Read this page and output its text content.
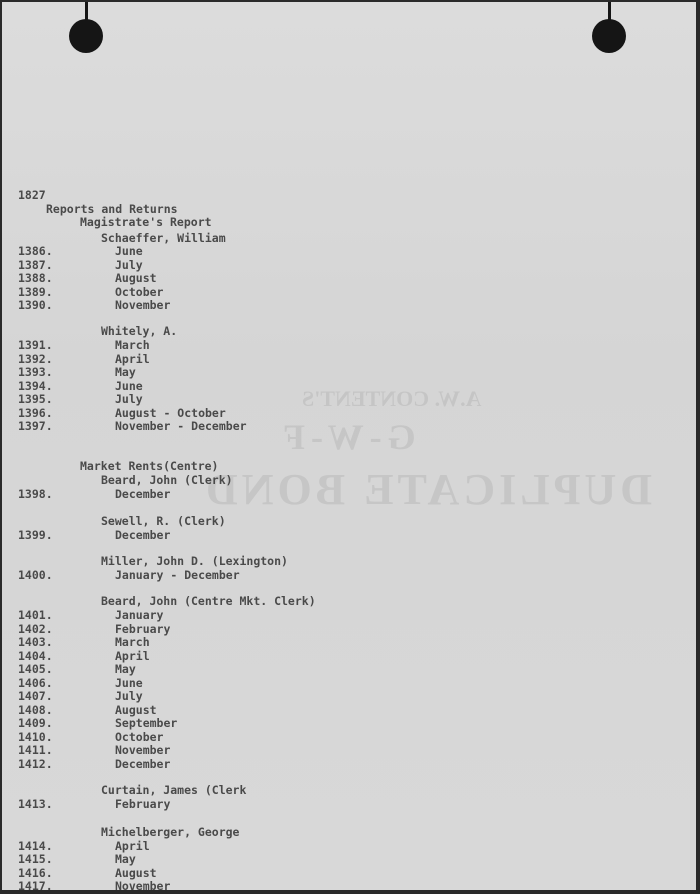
A.W. CONTENT'S
G-W-F
DUPLICATE BOND
1827
Reports and Returns
Magistrate's Report
Schaeffer, William
1386.	June
1387.	July
1388.	August
1389.	October
1390.	November
Whitely, A.
1391.	March
1392.	April
1393.	May
1394.	June
1395.	July
1396.	August - October
1397.	November - December
Market Rents(Centre)
Beard, John (Clerk)
1398.	December
Sewell, R. (Clerk)
1399.	December
Miller, John D. (Lexington)
1400.	January - December
Beard, John (Centre Mkt. Clerk)
1401.	January
1402.	February
1403.	March
1404.	April
1405.	May
1406.	June
1407.	July
1408.	August
1409.	September
1410.	October
1411.	November
1412.	December
Curtain, James (Clerk
1413.	February
Michelberger, George
1414.	April
1415.	May
1416.	August
1417.	November
